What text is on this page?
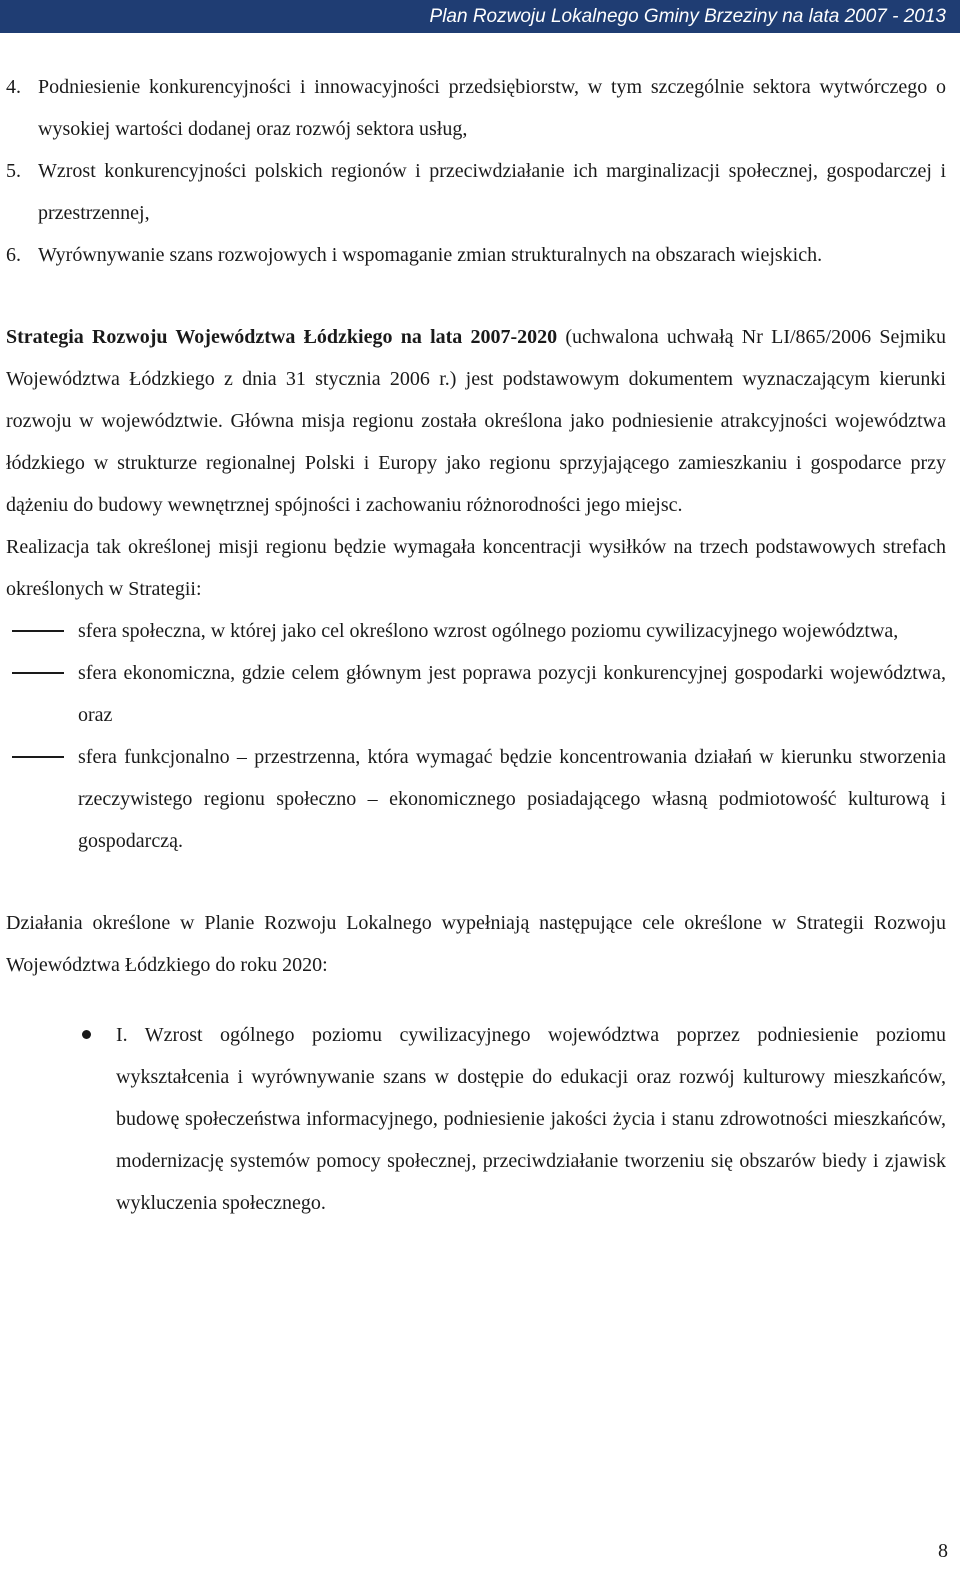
Plan Rozwoju Lokalnego Gminy Brzeziny na lata 2007 - 2013
4. Podniesienie konkurencyjności i innowacyjności przedsiębiorstw, w tym szczególnie sektora wytwórczego o wysokiej wartości dodanej oraz rozwój sektora usług,
5. Wzrost konkurencyjności polskich regionów i przeciwdziałanie ich marginalizacji społecznej, gospodarczej i przestrzennej,
6. Wyrównywanie szans rozwojowych i wspomaganie zmian strukturalnych na obszarach wiejskich.

Strategia Rozwoju Województwa Łódzkiego na lata 2007-2020 (uchwalona uchwałą Nr LI/865/2006 Sejmiku Województwa Łódzkiego z dnia 31 stycznia 2006 r.) jest podstawowym dokumentem wyznaczającym kierunki rozwoju w województwie. Główna misja regionu została określona jako podniesienie atrakcyjności województwa łódzkiego w strukturze regionalnej Polski i Europy jako regionu sprzyjającego zamieszkaniu i gospodarce przy dążeniu do budowy wewnętrznej spójności i zachowaniu różnorodności jego miejsc.

Realizacja tak określonej misji regionu będzie wymagała koncentracji wysiłków na trzech podstawowych strefach określonych w Strategii:

sfera społeczna, w której jako cel określono wzrost ogólnego poziomu cywilizacyjnego województwa,
sfera ekonomiczna, gdzie celem głównym jest poprawa pozycji konkurencyjnej gospodarki województwa, oraz
sfera funkcjonalno – przestrzenna, która wymagać będzie koncentrowania działań w kierunku stworzenia rzeczywistego regionu społeczno – ekonomicznego posiadającego własną podmiotowość kulturową i gospodarczą.

Działania określone w Planie Rozwoju Lokalnego wypełniają następujące cele określone w Strategii Rozwoju Województwa Łódzkiego do roku 2020:

I. Wzrost ogólnego poziomu cywilizacyjnego województwa poprzez podniesienie poziomu wykształcenia i wyrównywanie szans w dostępie do edukacji oraz rozwój kulturowy mieszkańców, budowę społeczeństwa informacyjnego, podniesienie jakości życia i stanu zdrowotności mieszkańców, modernizację systemów pomocy społecznej, przeciwdziałanie tworzeniu się obszarów biedy i zjawisk wykluczenia społecznego.
8
